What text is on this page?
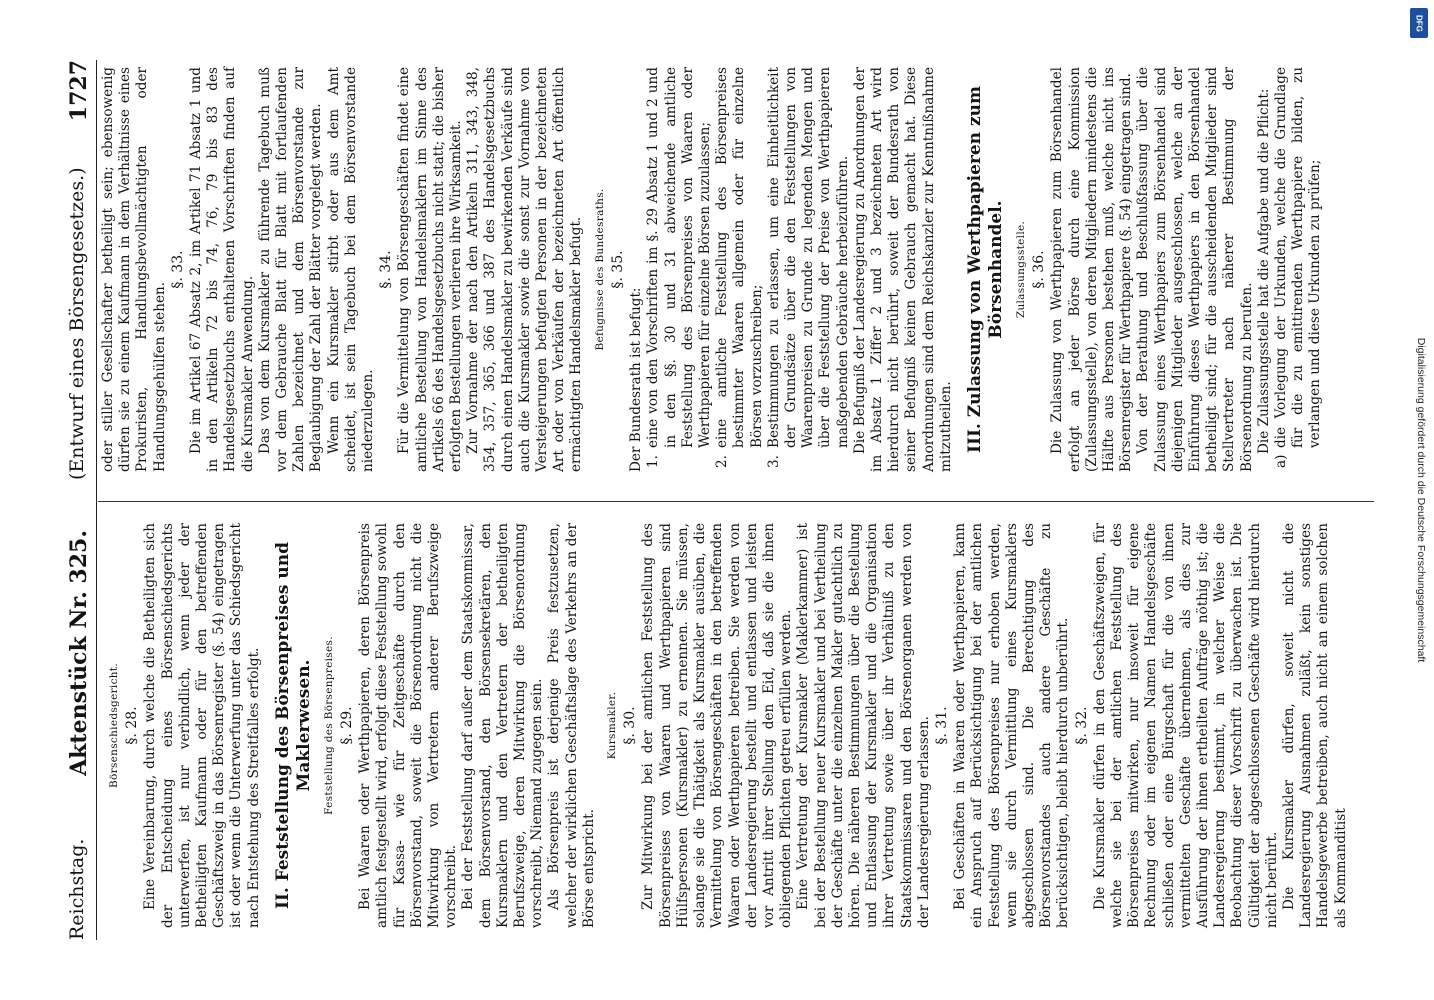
Reichstag.
Aktenstück Nr. 325.
(Entwurf eines Börsengesetzes.)
1727

Börsenschiedsgericht. §. 28. Eine Vereinbarung, durch welche die Betheiligten sich der Entscheidung eines Börsenschiedsgerichts unterwerfen, ist nur verbindlich, wenn jeder der Betheiligten Kaufmann oder für den betreffenden Geschäftszweig in das Börsenregister (§. 54) eingetragen ist oder wenn die Unterwerfung unter das Schiedsgericht nach Entstehung des Streitfalles erfolgt. II. Feststellung des Börsenpreises und Maklerwesen. Feststellung des Börsenpreises. §. 29. Bei Waaren oder Werthpapieren, deren Börsenpreis amtlich festgestellt wird, erfolgt diese Feststellung sowohl für Kassa- wie für Zeitgeschäfte durch den Börsenvorstand, soweit die Börsenordnung nicht die Mitwirkung von Vertretern anderer Berufszweige vorschreibt. Bei der Feststellung darf außer dem Staatskommissar, dem Börsenvorstand, den Börsensekretären, den Kursmaklern und den Vertretern der betheiligten Berufszweige, deren Mitwirkung die Börsenordnung vorschreibt, Niemand zugegen sein. Als Börsenpreis ist derjenige Preis festzusetzen, welcher der wirklichen Geschäftslage des Verkehrs an der Börse entspricht.

Kursmakler. §. 30. Zur Mitwirkung bei der amtlichen Feststellung des Börsenpreises von Waaren und Werthpapieren sind Hülfspersonen (Kursmakler) zu ernennen. Sie müssen, solange sie die Thätigkeit als Kursmakler ausüben, die Vermittelung von Börsengeschäften in den betreffenden Waaren oder Werthpapieren betreiben. Sie werden von der Landesregierung bestellt und entlassen und leisten vor Antritt ihrer Stellung den Eid, daß sie die ihnen obliegenden Pflichten getreu erfüllen werden. Eine Vertretung der Kursmakler (Maklerkammer) ist bei der Bestellung neuer Kursmakler und bei Vertheilung der Geschäfte unter die einzelnen Makler gutachtlich zu hören. Die näheren Bestimmungen über die Bestellung und Entlassung der Kursmakler und die Organisation ihrer Vertretung sowie über ihr Verhältniß zu den Staatskommissaren und den Börsenorganen werden von der Landesregierung erlassen. §. 31. Bei Geschäften in Waaren oder Werthpapieren, kann ein Anspruch auf Berücksichtigung bei der amtlichen Feststellung des Börsenpreises nur erhoben werden, wenn sie durch Vermittlung eines Kursmaklers abgeschlossen sind. Die Berechtigung des Börsenvorstandes auch andere Geschäfte zu berücksichtigen, bleibt hierdurch unberührt. §. 32. Die Kursmakler dürfen in den Geschäftszweigen, für welche sie bei der amtlichen Feststellung des Börsenpreises mitwirken, nur insoweit für eigene Rechnung oder im eigenen Namen Handelsgeschäfte schließen oder eine Bürgschaft für die von ihnen vermittelten Geschäfte übernehmen, als dies zur Ausführung der ihnen ertheilten Aufträge nöthig ist; die Landesregierung bestimmt, in welcher Weise die Beobachtung dieser Vorschrift zu überwachen ist. Die Gültigkeit der abgeschlossenen Geschäfte wird hierdurch nicht berührt. Die Kursmakler dürfen, soweit nicht die Landesregierung Ausnahmen zuläßt, kein sonstiges Handelsgewerbe betreiben, auch nicht an einem solchen als Kommanditist

oder stiller Gesellschafter betheiligt sein; ebensowenig dürfen sie zu einem Kaufmann in dem Verhältnisse eines Prokuristen, Handlungsbevollmächtigten oder Handlungsgehülfen stehen.

§. 33. Die im Artikel 67 Absatz 2, im Artikel 71 Absatz 1 und in den Artikeln 72 bis 74, 76, 79 bis 83 des Handelsgesetzbuchs enthaltenen Vorschriften finden auf die Kursmakler Anwendung. Das von dem Kursmakler zu führende Tagebuch muß vor dem Gebrauche Blatt für Blatt mit fortlaufenden Zahlen bezeichnet und dem Börsenvorstande zur Beglaubigung der Zahl der Blätter vorgelegt werden. Wenn ein Kursmakler stirbt oder aus dem Amt scheidet, ist sein Tagebuch bei dem Börsenvorstande niederzulegen.

§. 34. Für die Vermittelung von Börsengeschäften findet eine amtliche Bestellung von Handelsmaklern im Sinne des Artikels 66 des Handelsgesetzbuchs nicht statt; die bisher erfolgten Bestellungen verlieren ihre Wirksamkeit. Zur Vornahme der nach den Artikeln 311, 343, 348, 354, 357, 365, 366 und 387 des Handelsgesetzbuchs durch einen Handelsmakler zu bewirkenden Verkäufe sind auch die Kursmakler sowie die sonst zur Vornahme von Versteigerungen befugten Personen in der bezeichneten Art oder von Verkäufen der bezeichneten Art öffentlich ermächtigten Handelsmakler befugt. Befugnisse des Bundesraths. §. 35.

Der Bundesrath ist befugt: 1.
eine von den Vorschriften im §. 29 Absatz 1 und 2 und in den §§. 30 und 31 abweichende amtliche Feststellung des Börsenpreises von Waaren oder Werthpapieren für einzelne Börsen zuzulassen;

2.
eine amtliche Feststellung des Börsenpreises bestimmter Waaren allgemein oder für einzelne Börsen vorzuschreiben;

3.
Bestimmungen zu erlassen, um eine Einheitlichkeit der Grundsätze über die den Feststellungen von Waarenpreisen zu Grunde zu legenden Mengen und über die Feststellung der Preise von Werthpapieren maßgebenden Gebräuche herbeizuführen. Die Befugniß der Landesregierung zu Anordnungen der im Absatz 1 Ziffer 2 und 3 bezeichneten Art wird hierdurch nicht berührt, soweit der Bundesrath von seiner Befugniß keinen Gebrauch gemacht hat. Diese Anordnungen sind dem Reichskanzler zur Kenntnißnahme mitzutheilen. III. Zulassung von Werthpapieren zum Börsenhandel. Zulassungsstelle. §. 36. Die Zulassung von Werthpapieren zum Börsenhandel erfolgt an jeder Börse durch eine Kommission (Zulassungsstelle), von deren Mitgliedern mindestens die Hälfte aus Personen bestehen muß, welche nicht ins Börsenregister für Werthpapiere (§. 54) eingetragen sind. Von der Berathung und Beschlußfassung über die Zulassung eines Werthpapiers zum Börsenhandel sind diejenigen Mitglieder ausgeschlossen, welche an der Einführung dieses Werthpapiers in den Börsenhandel betheiligt sind; für die ausscheidenden Mitglieder sind Stellvertreter nach näherer Bestimmung der Börsenordnung zu berufen. Die Zulassungsstelle hat die Aufgabe und die Pflicht:

a)
die Vorlegung der Urkunden, welche die Grundlage für die zu emittirenden Werthpapiere bilden, zu verlangen und diese Urkunden zu prüfen;

DFG
Digitalisierung gefördert durch die Deutsche Forschungsgemeinschaft
